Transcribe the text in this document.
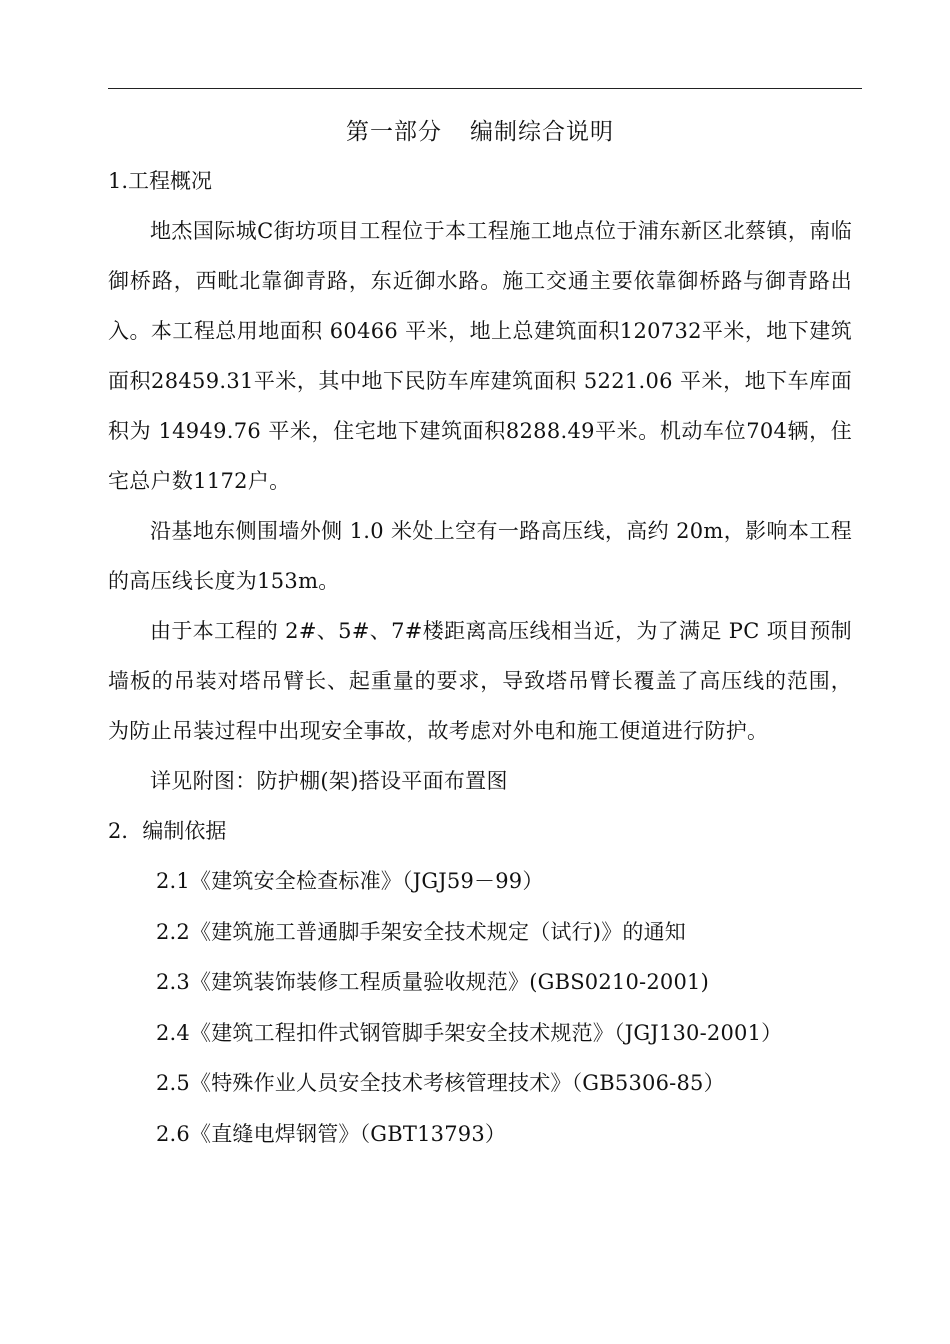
第一部分 编制综合说明
1.工程概况

地杰国际城C街坊项目工程位于本工程施工地点位于浦东新区北蔡镇，南临御桥路，西毗北靠御青路，东近御水路。施工交通主要依靠御桥路与御青路出入。本工程总用地面积 60466 平米，地上总建筑面积120732平米，地下建筑面积28459.31平米，其中地下民防车库建筑面积 5221.06 平米，地下车库面积为 14949.76 平米，住宅地下建筑面积8288.49平米。机动车位704辆，住宅总户数1172户。

沿基地东侧围墙外侧 1.0 米处上空有一路高压线，高约 20m，影响本工程的高压线长度为153m。

由于本工程的 2#、5#、7#楼距离高压线相当近，为了满足 PC 项目预制墙板的吊装对塔吊臂长、起重量的要求，导致塔吊臂长覆盖了高压线的范围，为防止吊装过程中出现安全事故，故考虑对外电和施工便道进行防护。

详见附图：防护棚(架)搭设平面布置图

2．编制依据

2.1《建筑安全检查标准》（JGJ59－99）

2.2《建筑施工普通脚手架安全技术规定（试行)》的通知

2.3《建筑装饰装修工程质量验收规范》(GBS0210-2001)

2.4《建筑工程扣件式钢管脚手架安全技术规范》（JGJ130-2001）

2.5《特殊作业人员安全技术考核管理技术》（GB5306-85）

2.6《直缝电焊钢管》（GBT13793）
